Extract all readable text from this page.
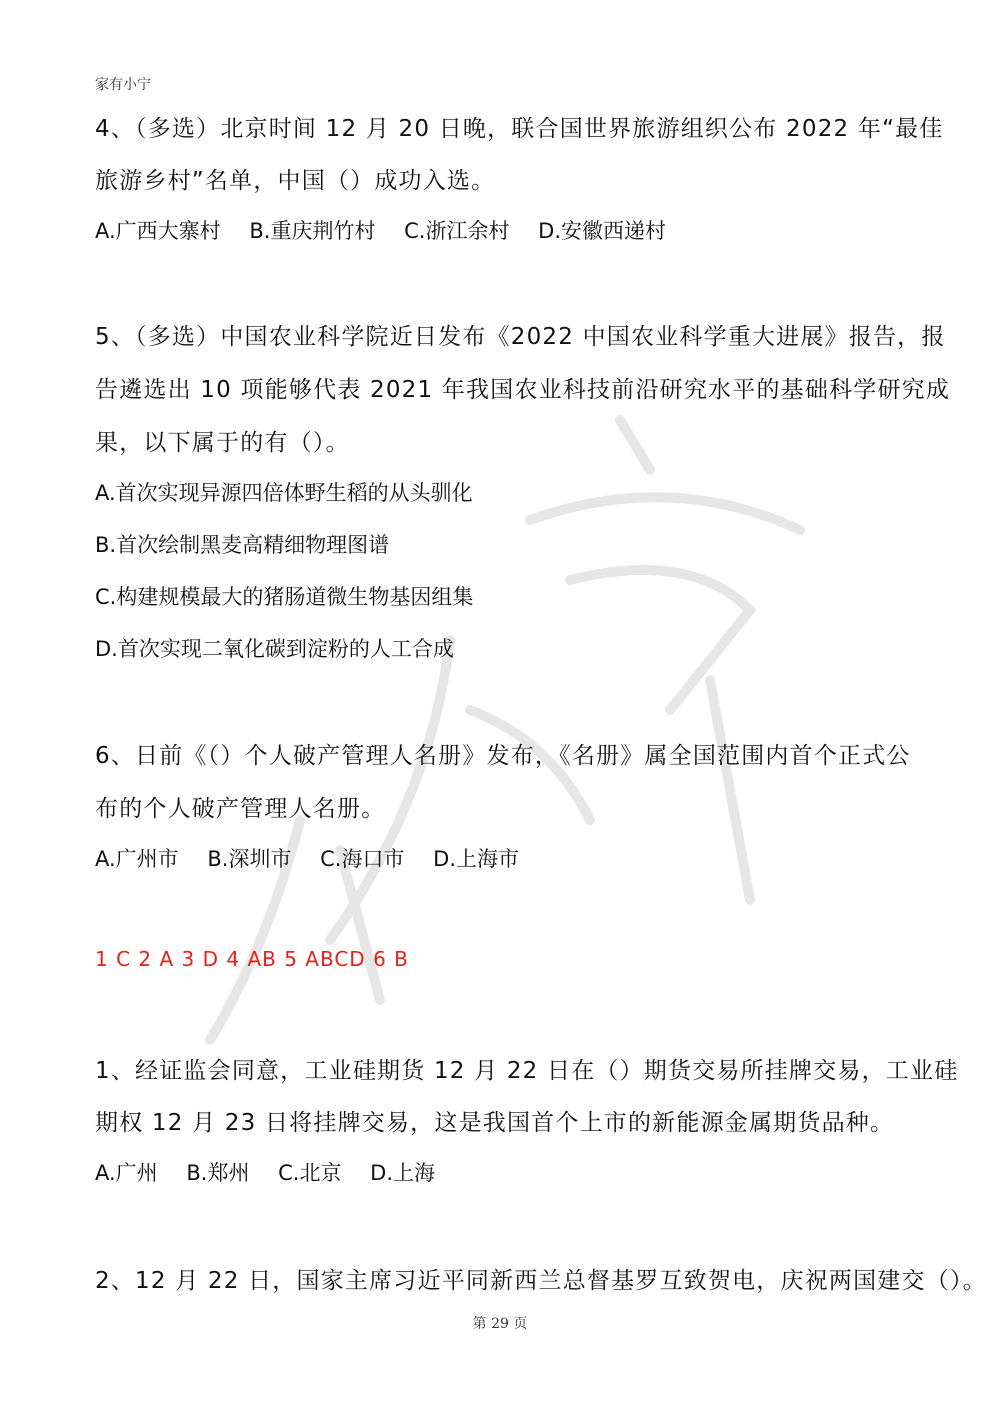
家有小宁
4、（多选）北京时间 12 月 20 日晚，联合国世界旅游组织公布 2022 年“最佳
旅游乡村”名单，中国（）成功入选。
A.广西大寨村 B.重庆荆竹村 C.浙江余村 D.安徽西递村
5、（多选）中国农业科学院近日发布《2022 中国农业科学重大进展》报告，报
告遴选出 10 项能够代表 2021 年我国农业科技前沿研究水平的基础科学研究成
果，以下属于的有（）。
A.首次实现异源四倍体野生稻的从头驯化
B.首次绘制黑麦高精细物理图谱
C.构建规模最大的猪肠道微生物基因组集
D.首次实现二氧化碳到淀粉的人工合成
6、日前《（）个人破产管理人名册》发布，《名册》属全国范围内首个正式公
布的个人破产管理人名册。
A.广州市 B.深圳市 C.海口市 D.上海市
1 C 2 A 3 D 4 AB 5 ABCD 6 B
1、经证监会同意，工业硅期货 12 月 22 日在（）期货交易所挂牌交易，工业硅
期权 12 月 23 日将挂牌交易，这是我国首个上市的新能源金属期货品种。
A.广州 B.郑州 C.北京 D.上海
2、12 月 22 日，国家主席习近平同新西兰总督基罗互致贺电，庆祝两国建交（）。
第 29 页
